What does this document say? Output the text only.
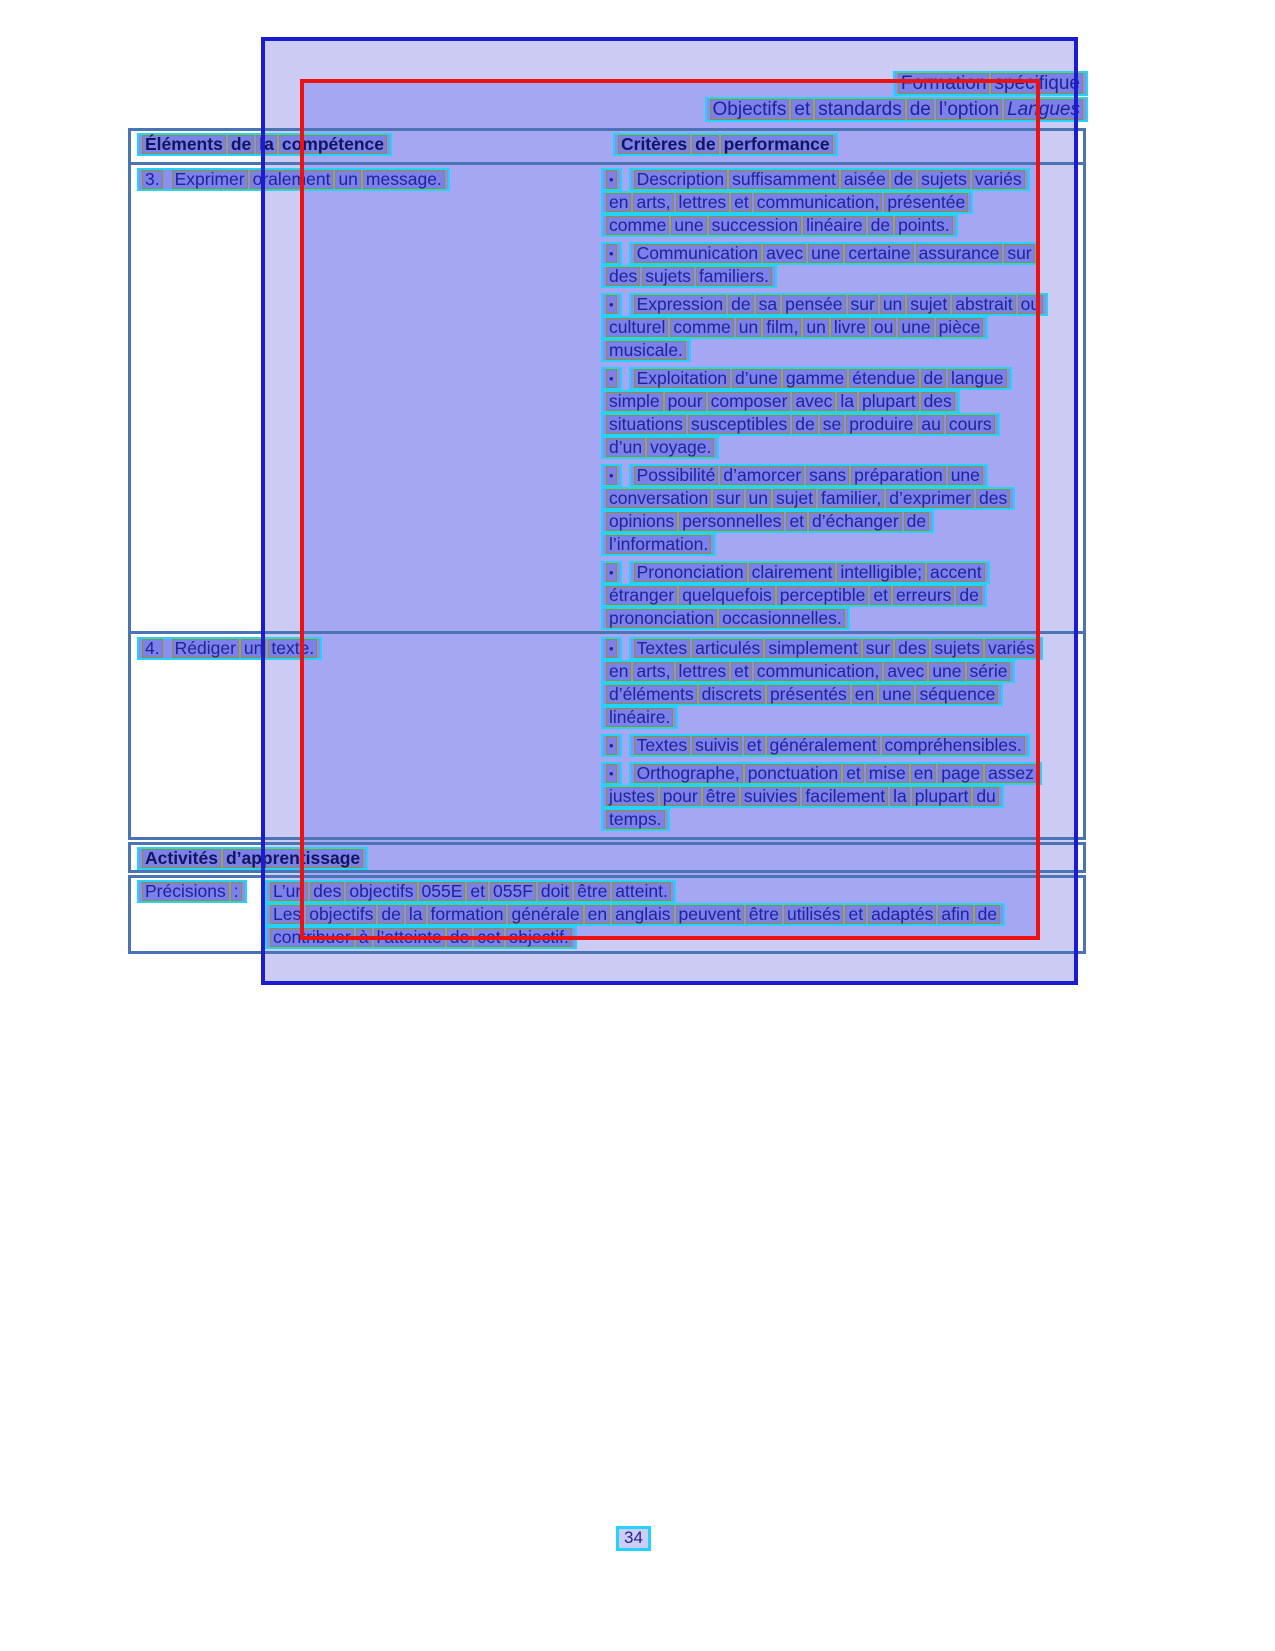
Formation spécifique
Objectifs et standards de l’option Langues
Éléments de la compétence	Critères de performance
3. Exprimer oralement un message.	• Description suffisamment aisée de sujets variés
en arts, lettres et communication, présentée
comme une succession linéaire de points.
• Communication avec une certaine assurance sur
des sujets familiers.
• Expression de sa pensée sur un sujet abstrait ou
culturel comme un film, un livre ou une pièce
musicale.
• Exploitation d’une gamme étendue de langue
simple pour composer avec la plupart des
situations susceptibles de se produire au cours
d’un voyage.
• Possibilité d’amorcer sans préparation une
conversation sur un sujet familier, d’exprimer des
opinions personnelles et d’échanger de
l’information.
• Prononciation clairement intelligible; accent
étranger quelquefois perceptible et erreurs de
prononciation occasionnelles.
4. Rédiger un texte.	• Textes articulés simplement sur des sujets variés
en arts, lettres et communication, avec une série
d’éléments discrets présentés en une séquence
linéaire.
• Textes suivis et généralement compréhensibles.
• Orthographe, ponctuation et mise en page assez
justes pour être suivies facilement la plupart du
temps.
Activités d’apprentissage
Précisions :	L’un des objectifs 055E et 055F doit être atteint.
Les objectifs de la formation générale en anglais peuvent être utilisés et adaptés afin de
contribuer à l’atteinte de cet objectif.
34
